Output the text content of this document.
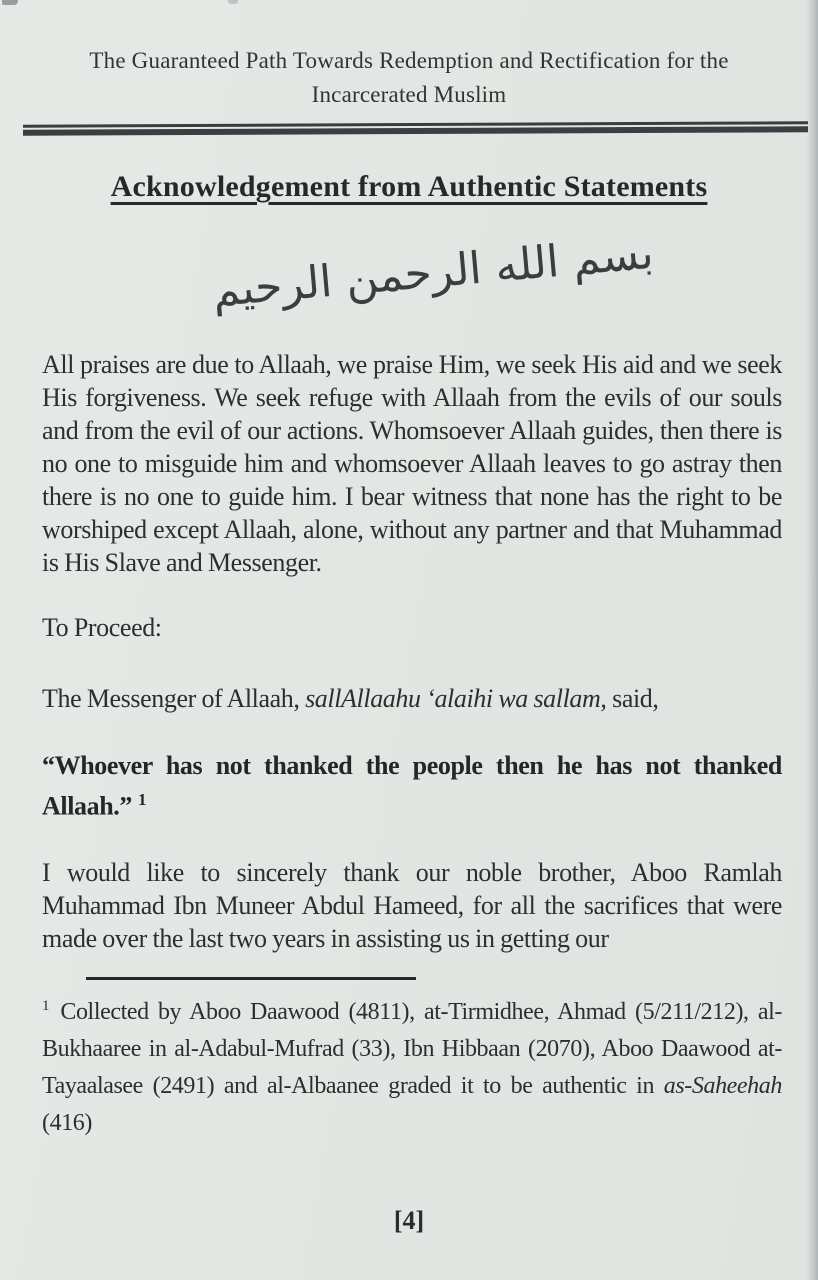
The Guaranteed Path Towards Redemption and Rectification for the Incarcerated Muslim
Acknowledgement from Authentic Statements
بسم الله الرحمن الرحيم

All praises are due to Allaah, we praise Him, we seek His aid and we seek His forgiveness. We seek refuge with Allaah from the evils of our souls and from the evil of our actions. Whomsoever Allaah guides, then there is no one to misguide him and whomsoever Allaah leaves to go astray then there is no one to guide him. I bear witness that none has the right to be worshiped except Allaah, alone, without any partner and that Muhammad is His Slave and Messenger.

To Proceed:

The Messenger of Allaah, sallAllaahu ‘alaihi wa sallam, said,

“Whoever has not thanked the people then he has not thanked Allaah.” $^1$

I would like to sincerely thank our noble brother, Aboo Ramlah Muhammad Ibn Muneer Abdul Hameed, for all the sacrifices that were made over the last two years in assisting us in getting our

$^1$ Collected by Aboo Daawood (4811), at-Tirmidhee, Ahmad (5/211/212), al-Bukhaaree in al-Adabul-Mufrad (33), Ibn Hibbaan (2070), Aboo Daawood at-Tayaalasee (2491) and al-Albaanee graded it to be authentic in as-Saheehah (416)

[4]
